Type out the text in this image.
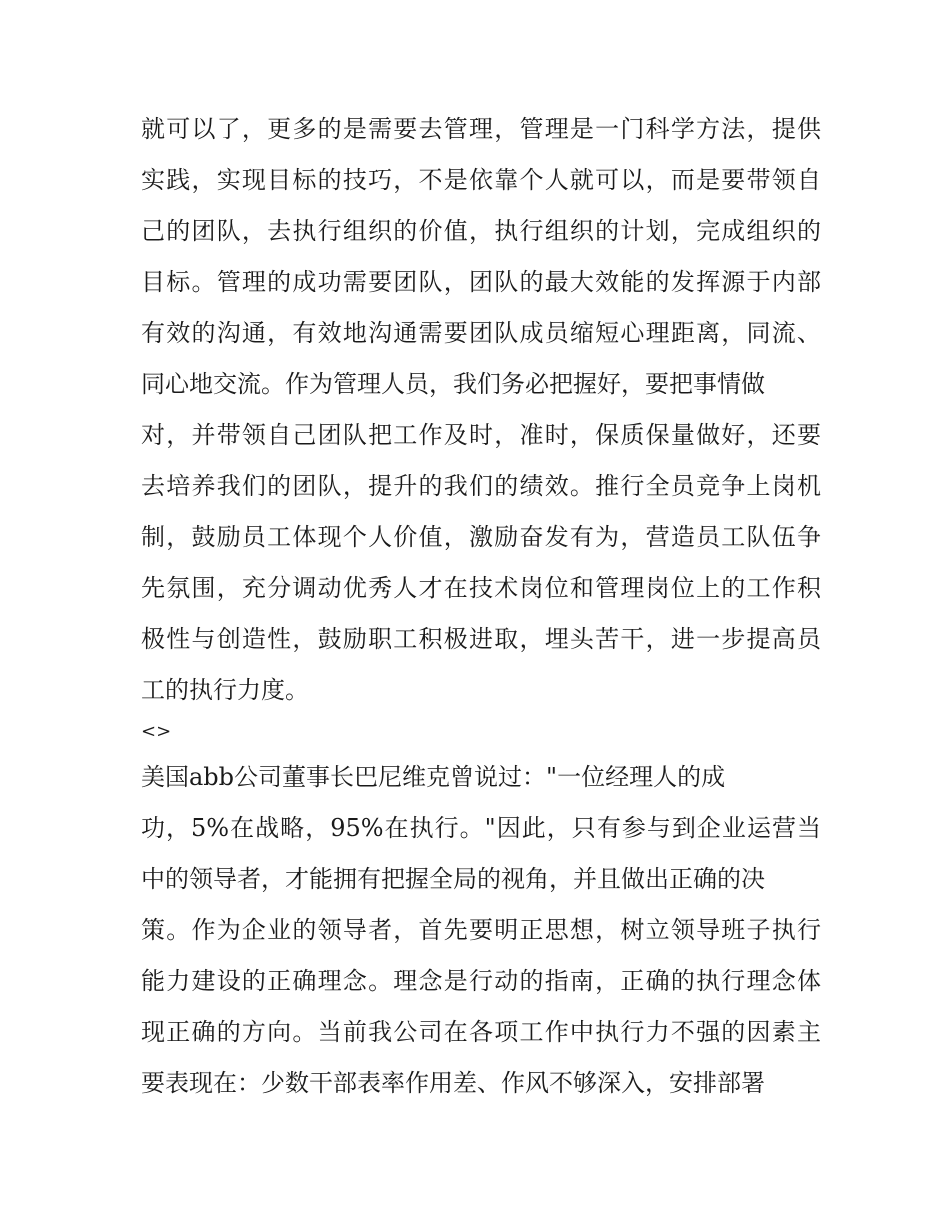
就可以了，更多的是需要去管理，管理是一门科学方法，提供
实践，实现目标的技巧，不是依靠个人就可以，而是要带领自
己的团队，去执行组织的价值，执行组织的计划，完成组织的
目标。管理的成功需要团队，团队的最大效能的发挥源于内部
有效的沟通，有效地沟通需要团队成员缩短心理距离，同流、
同心地交流。作为管理人员，我们务必把握好，要把事情做
对，并带领自己团队把工作及时，准时，保质保量做好，还要
去培养我们的团队，提升的我们的绩效。推行全员竞争上岗机
制，鼓励员工体现个人价值，激励奋发有为，营造员工队伍争
先氛围，充分调动优秀人才在技术岗位和管理岗位上的工作积
极性与创造性，鼓励职工积极进取，埋头苦干，进一步提高员
工的执行力度。
<>
美国abb公司董事长巴尼维克曾说过："一位经理人的成
功，5%在战略，95%在执行。"因此，只有参与到企业运营当
中的领导者，才能拥有把握全局的视角，并且做出正确的决
策。作为企业的领导者，首先要明正思想，树立领导班子执行
能力建设的正确理念。理念是行动的指南，正确的执行理念体
现正确的方向。当前我公司在各项工作中执行力不强的因素主
要表现在：少数干部表率作用差、作风不够深入，安排部署
